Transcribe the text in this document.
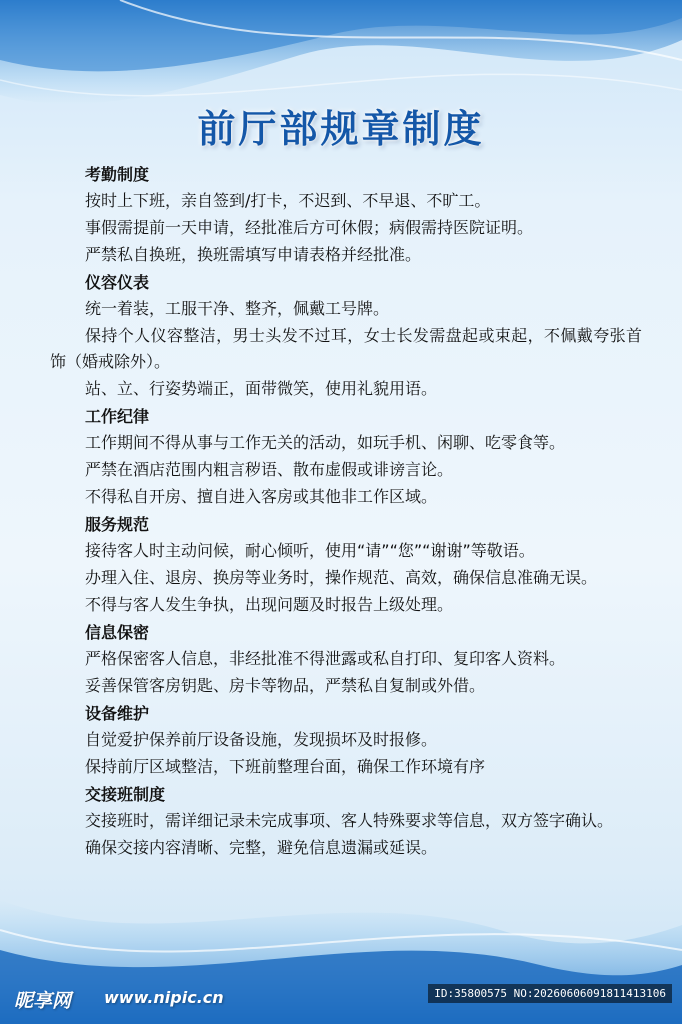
前厅部规章制度
考勤制度
按时上下班，亲自签到/打卡，不迟到、不早退、不旷工。
事假需提前一天申请，经批准后方可休假；病假需持医院证明。
严禁私自换班，换班需填写申请表格并经批准。
仪容仪表
统一着装，工服干净、整齐，佩戴工号牌。
保持个人仪容整洁，男士头发不过耳，女士长发需盘起或束起，不佩戴夸张首饰（婚戒除外）。
站、立、行姿势端正，面带微笑，使用礼貌用语。
工作纪律
工作期间不得从事与工作无关的活动，如玩手机、闲聊、吃零食等。
严禁在酒店范围内粗言秽语、散布虚假或诽谤言论。
不得私自开房、擅自进入客房或其他非工作区域。
服务规范
接待客人时主动问候，耐心倾听，使用“请”“您”“谢谢”等敬语。
办理入住、退房、换房等业务时，操作规范、高效，确保信息准确无误。
不得与客人发生争执，出现问题及时报告上级处理。
信息保密
严格保密客人信息，非经批准不得泄露或私自打印、复印客人资料。
妥善保管客房钥匙、房卡等物品，严禁私自复制或外借。
设备维护
自觉爱护保养前厅设备设施，发现损坏及时报修。
保持前厅区域整洁，下班前整理台面，确保工作环境有序
交接班制度
交接班时，需详细记录未完成事项、客人特殊要求等信息，双方签字确认。
确保交接内容清晰、完整，避免信息遗漏或延误。
昵享网 www.nipic.cn	ID:35800575 NO:20260606091811413106
